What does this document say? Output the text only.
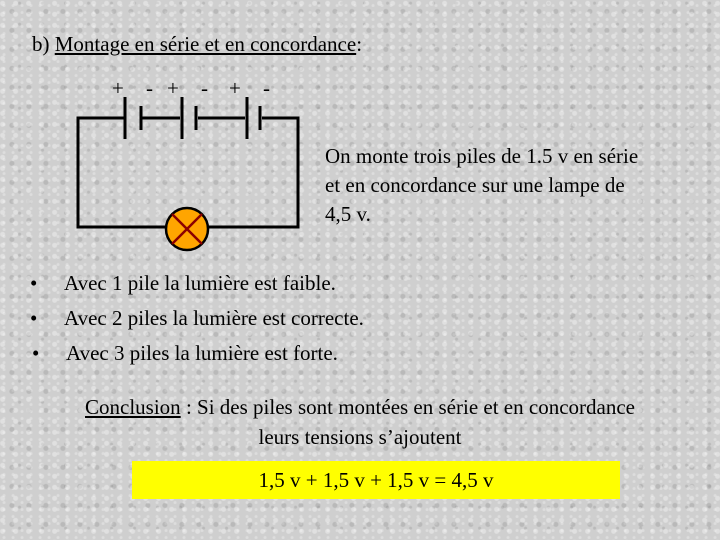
b) Montage en série et en concordance:
+ - + - + -
On monte trois piles de 1.5 v en série et en concordance sur une lampe de 4,5 v.
• Avec 1 pile la lumière est faible.
• Avec 2 piles la lumière est correcte.
• Avec 3 piles la lumière est forte.
Conclusion : Si des piles sont montées en série et en concordance
leurs tensions s’ajoutent
1,5 v + 1,5 v + 1,5 v = 4,5 v
